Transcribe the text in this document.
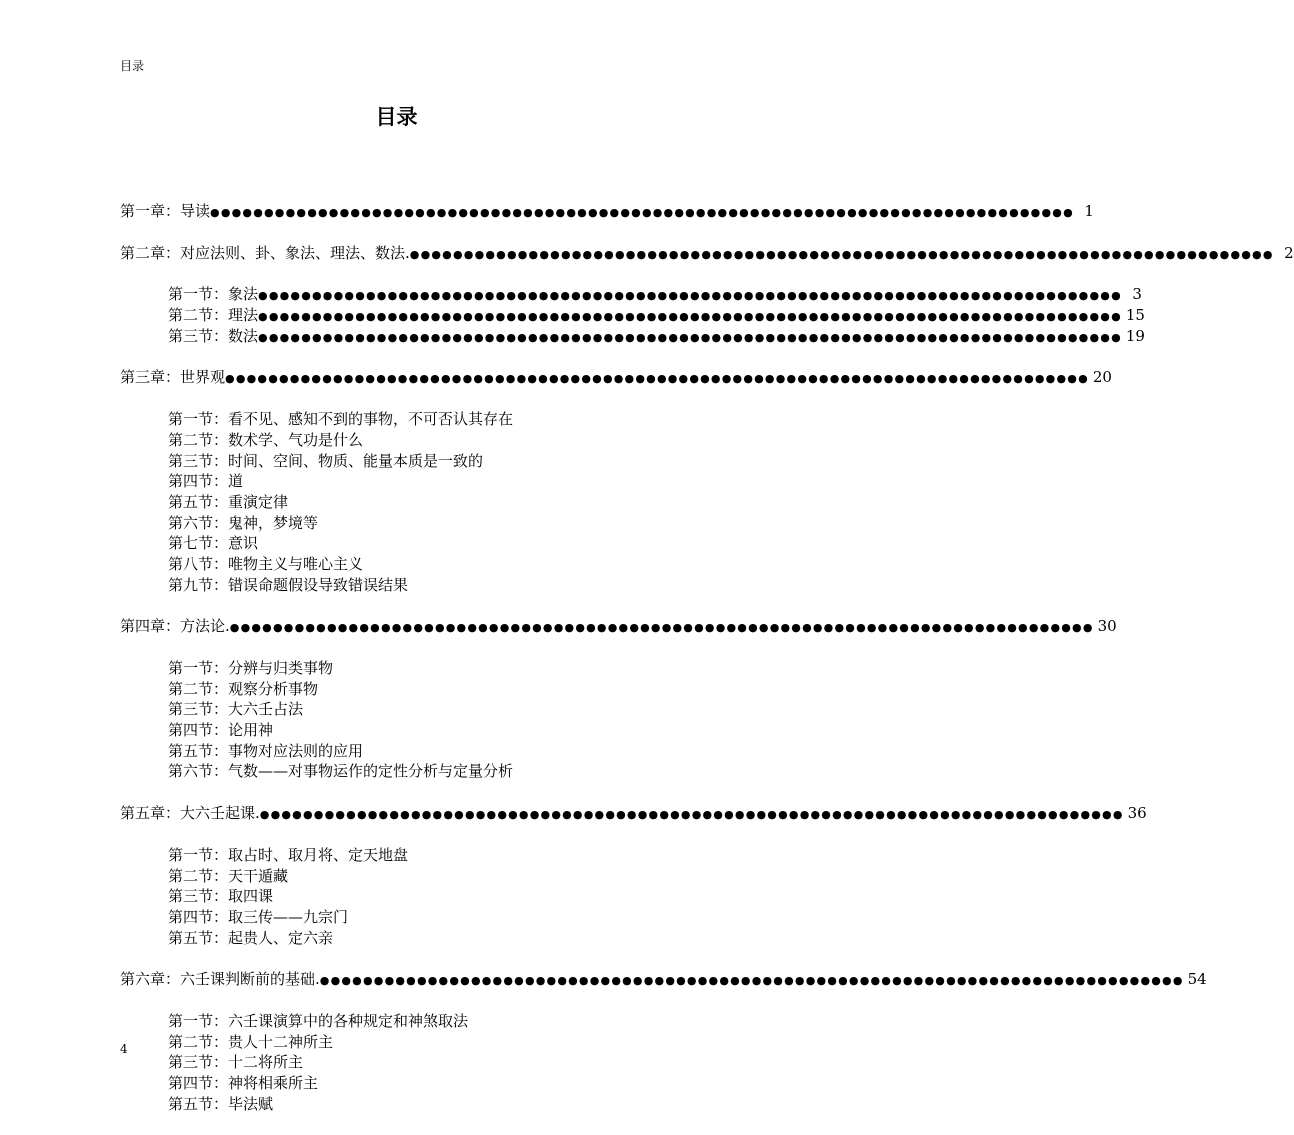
目录
目录
第一章：导读 ●●●●●●●●●●●●●●●●●●●●●●●●●●●●●●●●●●●●●●●●●●●●●●●●●●●●●●●●●●●●●●●●●●●●●●●●●●●●●●●● 1
第二章：对应法则、卦、象法、理法、数法. ●●●●●●●●●●●●●●●●●●●●●●●●●●●●●●●●●●●●●●●●●●●●●●●●●●●●●●●●●●●●●●●●●●●●●●●●●●●●●●●● 2
第一节：象法 ●●●●●●●●●●●●●●●●●●●●●●●●●●●●●●●●●●●●●●●●●●●●●●●●●●●●●●●●●●●●●●●●●●●●●●●●●●●●●●●● 3
第二节：理法 ●●●●●●●●●●●●●●●●●●●●●●●●●●●●●●●●●●●●●●●●●●●●●●●●●●●●●●●●●●●●●●●●●●●●●●●●●●●●●●●● 15
第三节：数法 ●●●●●●●●●●●●●●●●●●●●●●●●●●●●●●●●●●●●●●●●●●●●●●●●●●●●●●●●●●●●●●●●●●●●●●●●●●●●●●●● 19
第三章：世界观 ●●●●●●●●●●●●●●●●●●●●●●●●●●●●●●●●●●●●●●●●●●●●●●●●●●●●●●●●●●●●●●●●●●●●●●●●●●●●●●●● 20
第一节：看不见、感知不到的事物，不可否认其存在
第二节：数术学、气功是什么
第三节：时间、空间、物质、能量本质是一致的
第四节：道
第五节：重演定律
第六节：鬼神，梦境等
第七节：意识
第八节：唯物主义与唯心主义
第九节：错误命题假设导致错误结果
第四章：方法论. ●●●●●●●●●●●●●●●●●●●●●●●●●●●●●●●●●●●●●●●●●●●●●●●●●●●●●●●●●●●●●●●●●●●●●●●●●●●●●●●● 30
第一节：分辨与归类事物
第二节：观察分析事物
第三节：大六壬占法
第四节：论用神
第五节：事物对应法则的应用
第六节：气数——对事物运作的定性分析与定量分析
第五章：大六壬起课. ●●●●●●●●●●●●●●●●●●●●●●●●●●●●●●●●●●●●●●●●●●●●●●●●●●●●●●●●●●●●●●●●●●●●●●●●●●●●●●●● 36
第一节：取占时、取月将、定天地盘
第二节：天干遁藏
第三节：取四课
第四节：取三传——九宗门
第五节：起贵人、定六亲
第六章：六壬课判断前的基础. ●●●●●●●●●●●●●●●●●●●●●●●●●●●●●●●●●●●●●●●●●●●●●●●●●●●●●●●●●●●●●●●●●●●●●●●●●●●●●●●● 54
第一节：六壬课演算中的各种规定和神煞取法
第二节：贵人十二神所主
第三节：十二将所主
第四节：神将相乘所主
第五节：毕法赋
4
